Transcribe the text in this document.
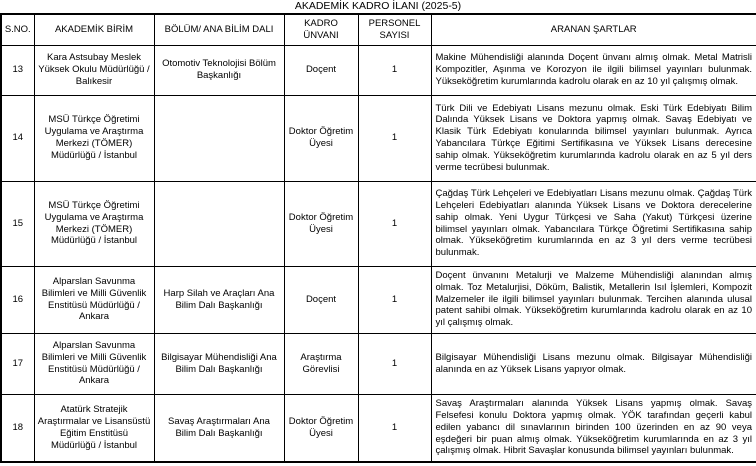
AKADEMİK KADRO İLANI (2025-5)
S.NO.	AKADEMİK BİRİM	BÖLÜM/ ANA BİLİM DALI	KADRO ÜNVANI	PERSONEL SAYISI	ARANAN ŞARTLAR
13	Kara Astsubay Meslek Yüksek Okulu Müdürlüğü / Balıkesir	Otomotiv Teknolojisi Bölüm Başkanlığı	Doçent	1	Makine Mühendisliği alanında Doçent ünvanı almış olmak. Metal Matrisli Kompozitler, Aşınma ve Korozyon ile ilgili bilimsel yayınları bulunmak. Yükseköğretim kurumlarında kadrolu olarak en az 10 yıl çalışmış olmak.
14	MSÜ Türkçe Öğretimi Uygulama ve Araştırma Merkezi (TÖMER) Müdürlüğü / İstanbul		Doktor Öğretim Üyesi	1	Türk Dili ve Edebiyatı Lisans mezunu olmak. Eski Türk Edebiyatı Bilim Dalında Yüksek Lisans ve Doktora yapmış olmak. Savaş Edebiyatı ve Klasik Türk Edebiyatı konularında bilimsel yayınları bulunmak. Ayrıca Yabancılara Türkçe Eğitimi Sertifikasına ve Yüksek Lisans derecesine sahip olmak. Yükseköğretim kurumlarında kadrolu olarak en az 5 yıl ders verme tecrübesi bulunmak.
15	MSÜ Türkçe Öğretimi Uygulama ve Araştırma Merkezi (TÖMER) Müdürlüğü / İstanbul		Doktor Öğretim Üyesi	1	Çağdaş Türk Lehçeleri ve Edebiyatları Lisans mezunu olmak. Çağdaş Türk Lehçeleri Edebiyatları alanında Yüksek Lisans ve Doktora derecelerine sahip olmak. Yeni Uygur Türkçesi ve Saha (Yakut) Türkçesi üzerine bilimsel yayınları olmak. Yabancılara Türkçe Öğretimi Sertifikasına sahip olmak. Yükseköğretim kurumlarında en az 3 yıl ders verme tecrübesi bulunmak.
16	Alparslan Savunma Bilimleri ve Milli Güvenlik Enstitüsü Müdürlüğü / Ankara	Harp Silah ve Araçları Ana Bilim Dalı Başkanlığı	Doçent	1	Doçent ünvanını Metalurji ve Malzeme Mühendisliği alanından almış olmak. Toz Metalurjisi, Döküm, Balistik, Metallerin Isıl İşlemleri, Kompozit Malzemeler ile ilgili bilimsel yayınları bulunmak. Tercihen alanında ulusal patent sahibi olmak. Yükseköğretim kurumlarında kadrolu olarak en az 10 yıl çalışmış olmak.
17	Alparslan Savunma Bilimleri ve Milli Güvenlik Enstitüsü Müdürlüğü / Ankara	Bilgisayar Mühendisliği Ana Bilim Dalı Başkanlığı	Araştırma Görevlisi	1	Bilgisayar Mühendisliği Lisans mezunu olmak. Bilgisayar Mühendisliği alanında en az Yüksek Lisans yapıyor olmak.
18	Atatürk Stratejik Araştırmalar ve Lisansüstü Eğitim Enstitüsü Müdürlüğü / İstanbul	Savaş Araştırmaları Ana Bilim Dalı Başkanlığı	Doktor Öğretim Üyesi	1	Savaş Araştırmaları alanında Yüksek Lisans yapmış olmak. Savaş Felsefesi konulu Doktora yapmış olmak. YÖK tarafından geçerli kabul edilen yabancı dil sınavlarının birinden 100 üzerinden en az 90 veya eşdeğeri bir puan almış olmak. Yükseköğretim kurumlarında en az 3 yıl çalışmış olmak. Hibrit Savaşlar konusunda bilimsel yayınları bulunmak.
